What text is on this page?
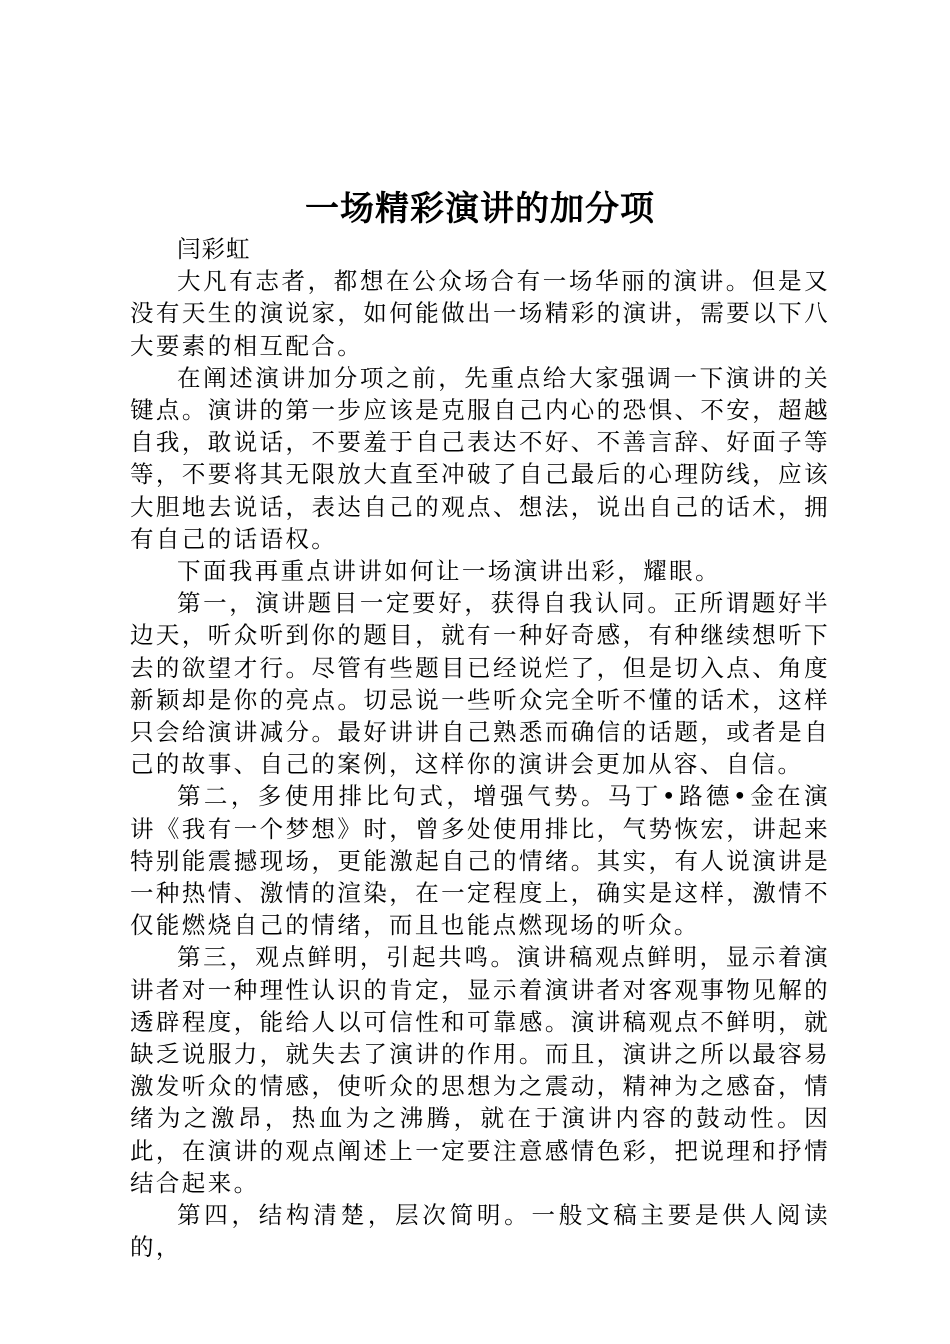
一场精彩演讲的加分项

闫彩虹

大凡有志者，都想在公众场合有一场华丽的演讲。但是又没有天生的演说家，如何能做出一场精彩的演讲，需要以下八大要素的相互配合。

在阐述演讲加分项之前，先重点给大家强调一下演讲的关键点。演讲的第一步应该是克服自己内心的恐惧、不安，超越自我，敢说话，不要羞于自己表达不好、不善言辞、好面子等等，不要将其无限放大直至冲破了自己最后的心理防线，应该大胆地去说话，表达自己的观点、想法，说出自己的话术，拥有自己的话语权。

下面我再重点讲讲如何让一场演讲出彩，耀眼。

第一，演讲题目一定要好，获得自我认同。正所谓题好半边天，听众听到你的题目，就有一种好奇感，有种继续想听下去的欲望才行。尽管有些题目已经说烂了，但是切入点、角度新颖却是你的亮点。切忌说一些听众完全听不懂的话术，这样只会给演讲减分。最好讲讲自己熟悉而确信的话题，或者是自己的故事、自己的案例，这样你的演讲会更加从容、自信。

第二，多使用排比句式，增强气势。马丁•路德•金在演讲《我有一个梦想》时，曾多处使用排比，气势恢宏，讲起来特别能震撼现场，更能激起自己的情绪。其实，有人说演讲是一种热情、激情的渲染，在一定程度上，确实是这样，激情不仅能燃烧自己的情绪，而且也能点燃现场的听众。

第三，观点鲜明，引起共鸣。演讲稿观点鲜明，显示着演讲者对一种理性认识的肯定，显示着演讲者对客观事物见解的透辟程度，能给人以可信性和可靠感。演讲稿观点不鲜明，就缺乏说服力，就失去了演讲的作用。而且，演讲之所以最容易激发听众的情感，使听众的思想为之震动，精神为之感奋，情绪为之激昂，热血为之沸腾，就在于演讲内容的鼓动性。因此，在演讲的观点阐述上一定要注意感情色彩，把说理和抒情结合起来。

第四，结构清楚，层次简明。一般文稿主要是供人阅读的，
